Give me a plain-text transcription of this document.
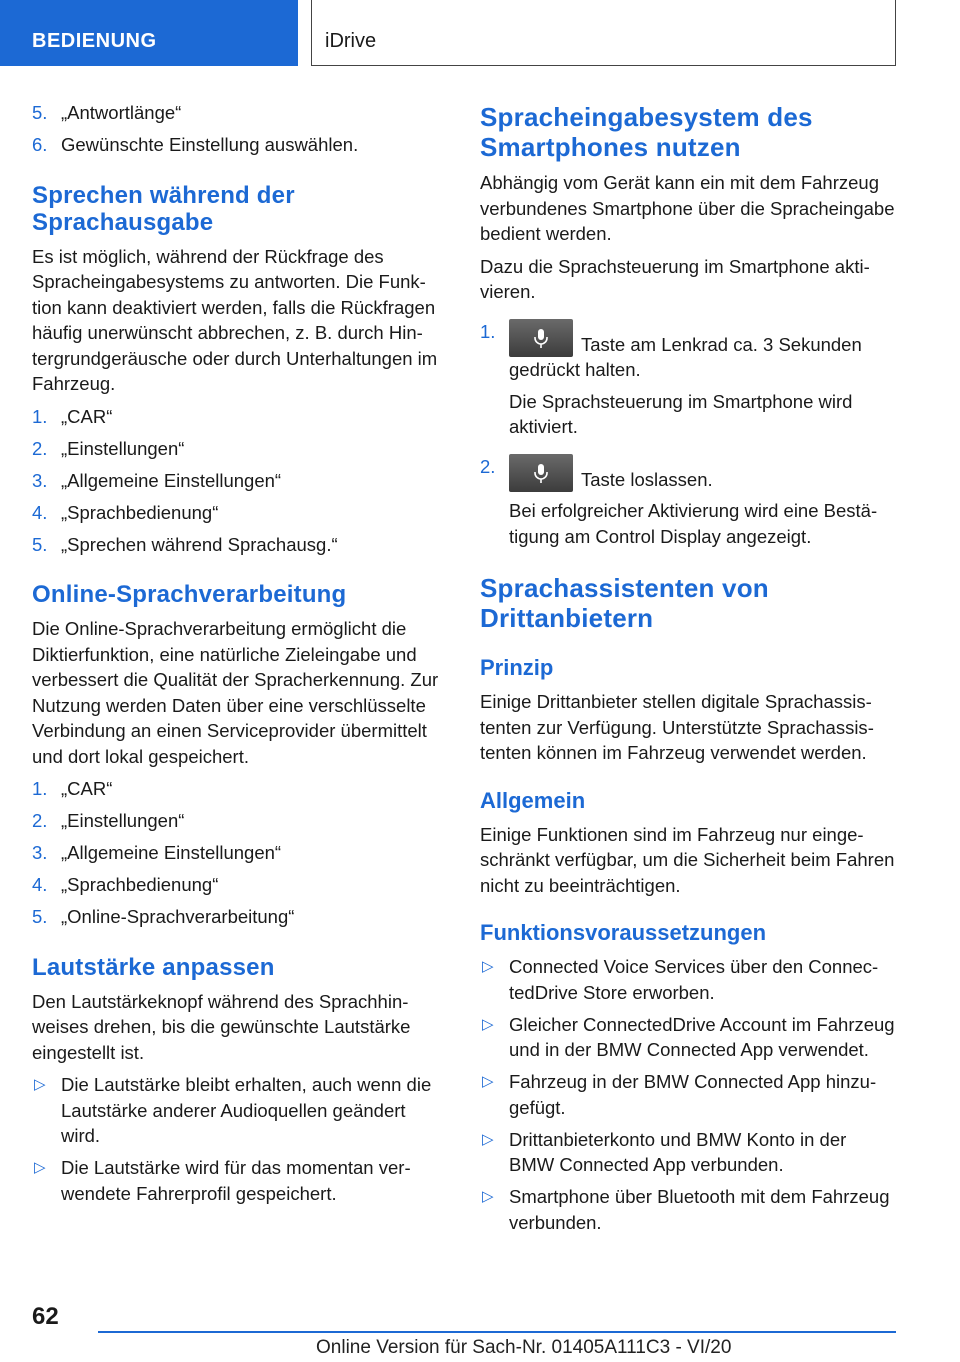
BEDIENUNG	iDrive
5. „Antwortlänge“
6. Gewünschte Einstellung auswählen.
Sprechen während der Sprachausgabe

Es ist möglich, während der Rückfrage des Spracheingabesystems zu antworten. Die Funktion kann deaktiviert werden, falls die Rückfragen häufig unerwünscht abbrechen, z. B. durch Hintergrundgeräusche oder durch Unterhaltungen im Fahrzeug.

1. „CAR“
2. „Einstellungen“
3. „Allgemeine Einstellungen“
4. „Sprachbedienung“
5. „Sprechen während Sprachausg.“
Online-Sprachverarbeitung

Die Online-Sprachverarbeitung ermöglicht die Diktierfunktion, eine natürliche Zieleingabe und verbessert die Qualität der Spracherkennung. Zur Nutzung werden Daten über eine verschlüsselte Verbindung an einen Serviceprovider übermittelt und dort lokal gespeichert.

1. „CAR“
2. „Einstellungen“
3. „Allgemeine Einstellungen“
4. „Sprachbedienung“
5. „Online-Sprachverarbeitung“
Lautstärke anpassen

Den Lautstärkeknopf während des Sprachhinweises drehen, bis die gewünschte Lautstärke eingestellt ist.

▷ Die Lautstärke bleibt erhalten, auch wenn die Lautstärke anderer Audioquellen geändert wird.
▷ Die Lautstärke wird für das momentan verwendete Fahrerprofil gespeichert.
Spracheingabesystem des Smartphones nutzen

Abhängig vom Gerät kann ein mit dem Fahrzeug verbundenes Smartphone über die Spracheingabe bedient werden.

Dazu die Sprachsteuerung im Smartphone aktivieren.

1.
Taste am Lenkrad ca. 3 Sekunden gedrückt halten.
Die Sprachsteuerung im Smartphone wird aktiviert.
2.
Taste loslassen.
Bei erfolgreicher Aktivierung wird eine Bestätigung am Control Display angezeigt.
Sprachassistenten von Drittanbietern
Prinzip

Einige Drittanbieter stellen digitale Sprachassistenten zur Verfügung. Unterstützte Sprachassistenten können im Fahrzeug verwendet werden.

Allgemein

Einige Funktionen sind im Fahrzeug nur eingeschränkt verfügbar, um die Sicherheit beim Fahren nicht zu beeinträchtigen.

Funktionsvoraussetzungen
▷ Connected Voice Services über den ConnectedDrive Store erworben.
▷ Gleicher ConnectedDrive Account im Fahrzeug und in der BMW Connected App verwendet.
▷ Fahrzeug in der BMW Connected App hinzugefügt.
▷ Drittanbieterkonto und BMW Konto in der BMW Connected App verbunden.
▷ Smartphone über Bluetooth mit dem Fahrzeug verbunden.
62
Online Version für Sach-Nr. 01405A111C3 - VI/20
